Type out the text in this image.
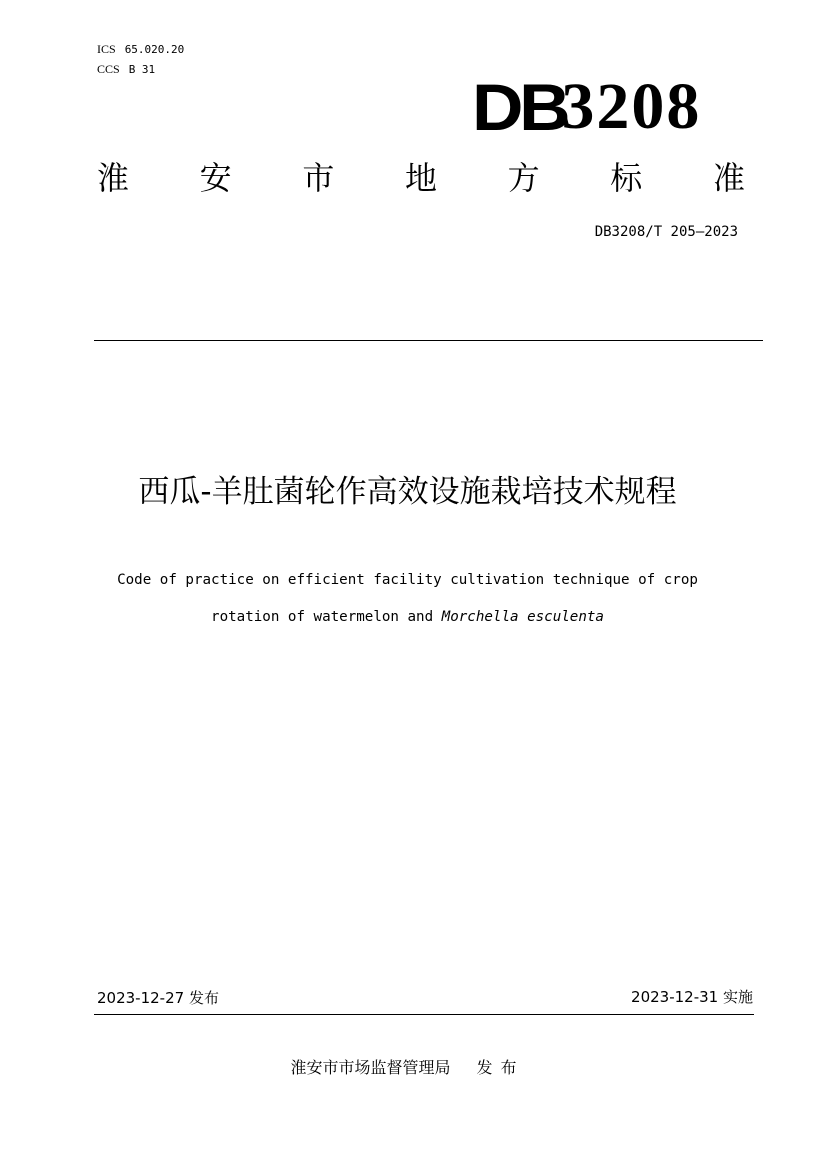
ICS 65.020.20
CCS B 31
DB
3208
淮 安 市 地 方 标 准
DB3208/T 205—2023
西瓜-羊肚菌轮作高效设施栽培技术规程
Code of practice on efficient facility cultivation technique of crop
rotation of watermelon and Morchella esculenta
2023-12-27 发布	2023-12-31 实施
淮安市市场监督管理局 发布
